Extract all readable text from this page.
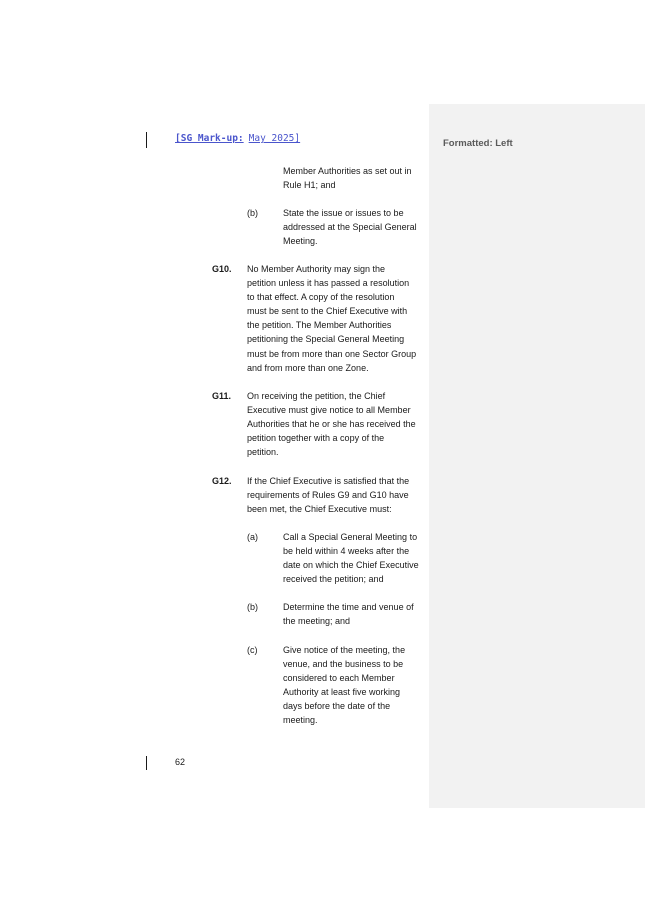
Formatted: Left
[SG Mark-up: May 2025]
Member Authorities as set out in
Rule H1; and
(b)	State the issue or issues to be
addressed at the Special General
Meeting.
G10. No Member Authority may sign the
petition unless it has passed a resolution
to that effect. A copy of the resolution
must be sent to the Chief Executive with
the petition. The Member Authorities
petitioning the Special General Meeting
must be from more than one Sector Group
and from more than one Zone.
G11. On receiving the petition, the Chief
Executive must give notice to all Member
Authorities that he or she has received the
petition together with a copy of the
petition.
G12. If the Chief Executive is satisfied that the
requirements of Rules G9 and G10 have
been met, the Chief Executive must:
(a)	Call a Special General Meeting to
be held within 4 weeks after the
date on which the Chief Executive
received the petition; and
(b)	Determine the time and venue of
the meeting; and
(c)	Give notice of the meeting, the
venue, and the business to be
considered to each Member
Authority at least five working
days before the date of the
meeting.
62
